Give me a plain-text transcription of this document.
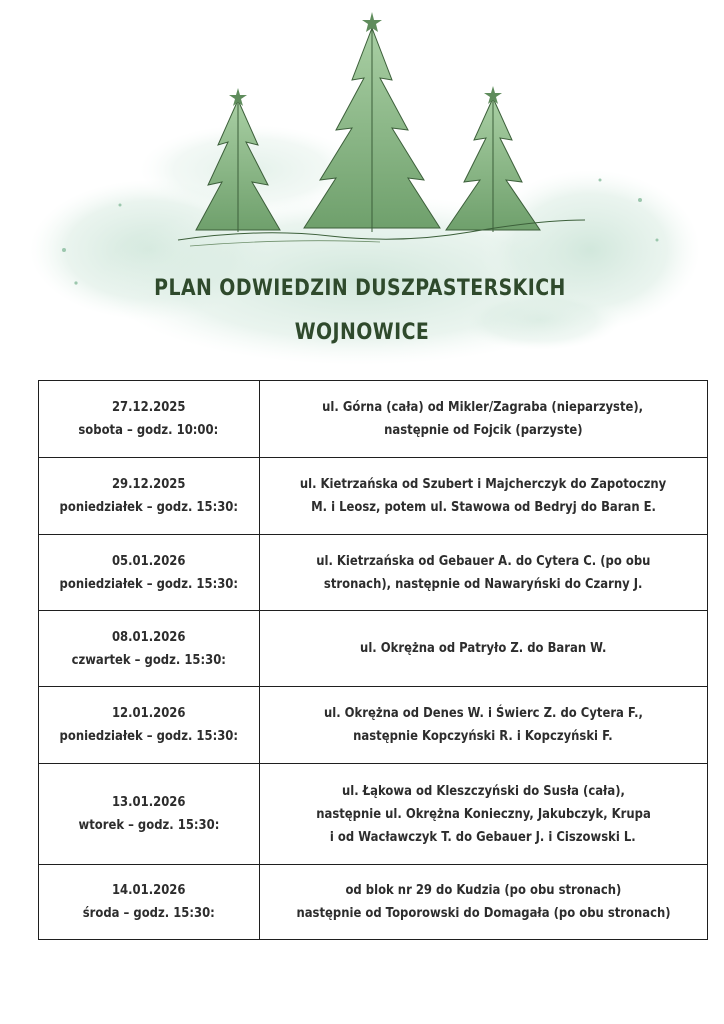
PLAN ODWIEDZIN DUSZPASTERSKICH
WOJNOWICE
27.12.2025
sobota – godz. 10:00:	ul. Górna (cała) od Mikler/Zagraba (nieparzyste),
następnie od Fojcik (parzyste)

29.12.2025
poniedziałek – godz. 15:30:	ul. Kietrzańska od Szubert i Majcherczyk do Zapotoczny
M. i Leosz, potem ul. Stawowa od Bedryj do Baran E.

05.01.2026
poniedziałek – godz. 15:30:	ul. Kietrzańska od Gebauer A. do Cytera C. (po obu
stronach), następnie od Nawaryński do Czarny J.

08.01.2026
czwartek – godz. 15:30:	ul. Okrężna od Patryło Z. do Baran W.

12.01.2026
poniedziałek – godz. 15:30:	ul. Okrężna od Denes W. i Świerc Z. do Cytera F.,
następnie Kopczyński R. i Kopczyński F.

13.01.2026
wtorek – godz. 15:30:	ul. Łąkowa od Kleszczyński do Susła (cała),
następnie ul. Okrężna Konieczny, Jakubczyk, Krupa
i od Wacławczyk T. do Gebauer J. i Ciszowski L.

14.01.2026
środa – godz. 15:30:	od blok nr 29 do Kudzia (po obu stronach)
następnie od Toporowski do Domagała (po obu stronach)
